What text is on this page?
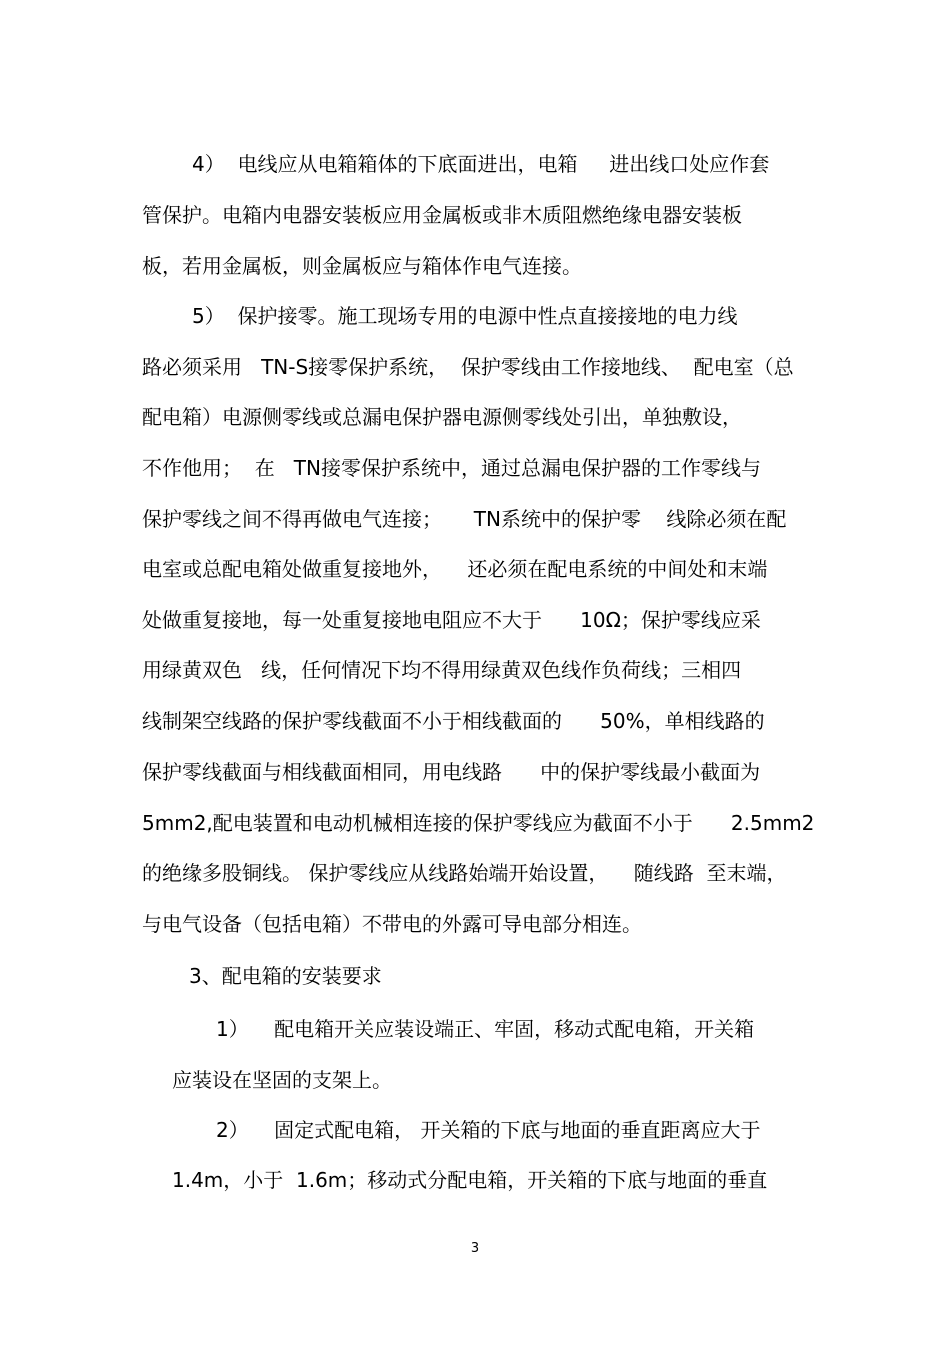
4）  电线应从电箱箱体的下底面进出，电箱     进出线口处应作套
管保护。电箱内电器安装板应用金属板或非木质阻燃绝缘电器安装板
板，若用金属板，则金属板应与箱体作电气连接。
5）  保护接零。施工现场专用的电源中性点直接接地的电力线
路必须采用   TN-S接零保护系统，  保护零线由工作接地线、  配电室（总
配电箱）电源侧零线或总漏电保护器电源侧零线处引出，单独敷设，
不作他用；  在   TN接零保护系统中，通过总漏电保护器的工作零线与
保护零线之间不得再做电气连接；     TN系统中的保护零    线除必须在配
电室或总配电箱处做重复接地外，    还必须在配电系统的中间处和末端
处做重复接地，每一处重复接地电阻应不大于      10Ω；保护零线应采
用绿黄双色   线，任何情况下均不得用绿黄双色线作负荷线；三相四
线制架空线路的保护零线截面不小于相线截面的      50%，单相线路的
保护零线截面与相线截面相同，用电线路      中的保护零线最小截面为
5mm2,配电装置和电动机械相连接的保护零线应为截面不小于      2.5mm2
的绝缘多股铜线。 保护零线应从线路始端开始设置，    随线路  至末端，
与电气设备（包括电箱）不带电的外露可导电部分相连。
3、配电箱的安装要求
1）    配电箱开关应装设端正、牢固，移动式配电箱，开关箱
应装设在坚固的支架上。
2）    固定式配电箱， 开关箱的下底与地面的垂直距离应大于
1.4m，小于  1.6m；移动式分配电箱，开关箱的下底与地面的垂直
3
